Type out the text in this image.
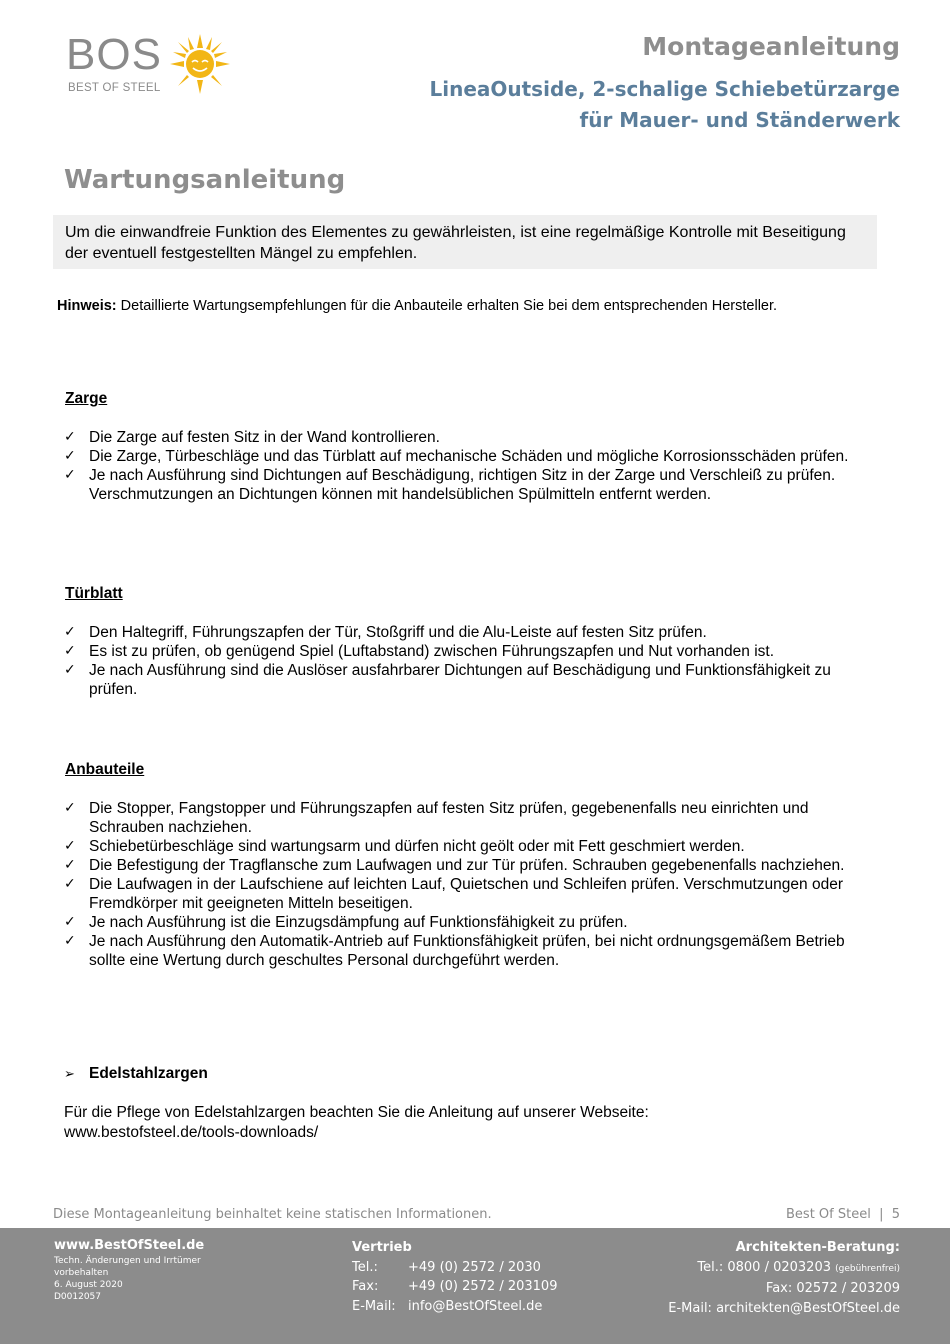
BOS
BEST OF STEEL
Montageanleitung
LineaOutside, 2-schalige Schiebetürzarge
für Mauer- und Ständerwerk
Wartungsanleitung
Um die einwandfreie Funktion des Elementes zu gewährleisten, ist eine regelmäßige Kontrolle mit Beseitigung der eventuell festgestellten Mängel zu empfehlen.
Hinweis: Detaillierte Wartungsempfehlungen für die Anbauteile erhalten Sie bei dem entsprechenden Hersteller.
Zarge
✓ Die Zarge auf festen Sitz in der Wand kontrollieren.
✓ Die Zarge, Türbeschläge und das Türblatt auf mechanische Schäden und mögliche Korrosionsschäden prüfen.
✓ Je nach Ausführung sind Dichtungen auf Beschädigung, richtigen Sitz in der Zarge und Verschleiß zu prüfen. Verschmutzungen an Dichtungen können mit handelsüblichen Spülmitteln entfernt werden.
Türblatt
✓ Den Haltegriff, Führungszapfen der Tür, Stoßgriff und die Alu-Leiste auf festen Sitz prüfen.
✓ Es ist zu prüfen, ob genügend Spiel (Luftabstand) zwischen Führungszapfen und Nut vorhanden ist.
✓ Je nach Ausführung sind die Auslöser ausfahrbarer Dichtungen auf Beschädigung und Funktionsfähigkeit zu prüfen.
Anbauteile
✓ Die Stopper, Fangstopper und Führungszapfen auf festen Sitz prüfen, gegebenenfalls neu einrichten und Schrauben nachziehen.
✓ Schiebetürbeschläge sind wartungsarm und dürfen nicht geölt oder mit Fett geschmiert werden.
✓ Die Befestigung der Tragflansche zum Laufwagen und zur Tür prüfen. Schrauben gegebenenfalls nachziehen.
✓ Die Laufwagen in der Laufschiene auf leichten Lauf, Quietschen und Schleifen prüfen. Verschmutzungen oder Fremdkörper mit geeigneten Mitteln beseitigen.
✓ Je nach Ausführung ist die Einzugsdämpfung auf Funktionsfähigkeit zu prüfen.
✓ Je nach Ausführung den Automatik-Antrieb auf Funktionsfähigkeit prüfen, bei nicht ordnungsgemäßem Betrieb sollte eine Wertung durch geschultes Personal durchgeführt werden.
➢ Edelstahlzargen
Für die Pflege von Edelstahlzargen beachten Sie die Anleitung auf unserer Webseite:
www.bestofsteel.de/tools-downloads/
Diese Montageanleitung beinhaltet keine statischen Informationen.	Best Of Steel  |  5
www.BestOfSteel.de
Techn. Änderungen und Irrtümer vorbehalten
6. August 2020
D0012057
Vertrieb
Tel.: +49 (0) 2572 / 2030
Fax: +49 (0) 2572 / 203109
E-Mail: info@BestOfSteel.de
Architekten-Beratung:
Tel.: 0800 / 0203203 (gebührenfrei)
Fax: 02572 / 203209
E-Mail: architekten@BestOfSteel.de
